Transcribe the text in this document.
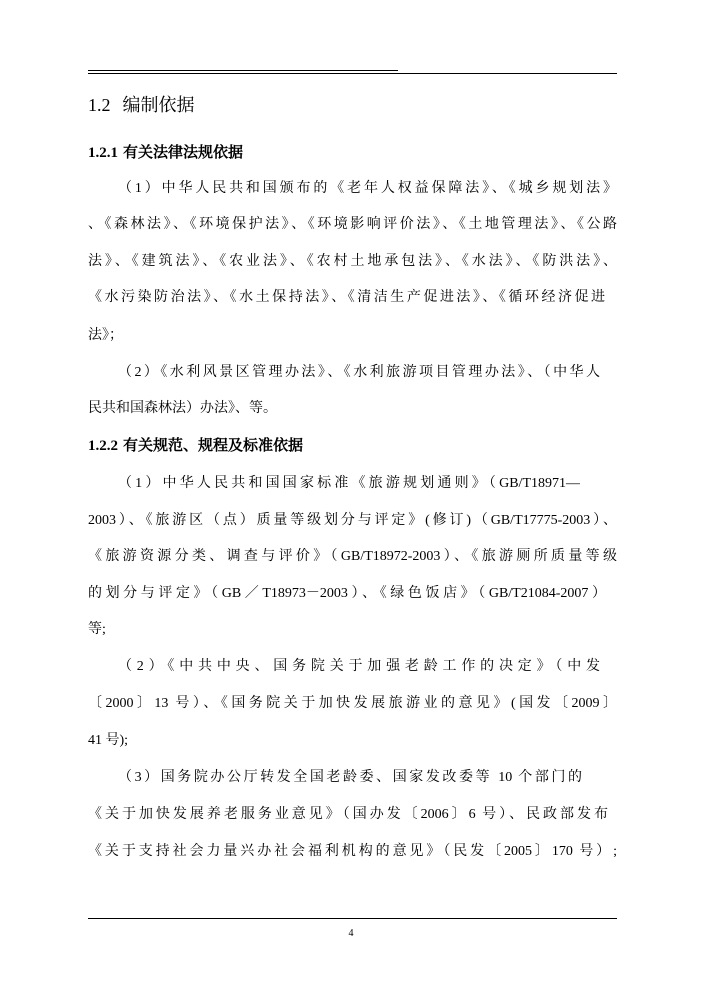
1.2 编制依据
1.2.1 有关法律法规依据
（1）中华人民共和国颁布的《老年人权益保障法》、《城乡规划法》
、《森林法》、《环境保护法》、《环境影响评价法》、《土地管理法》、《公路
法》、《建筑法》、《农业法》、《农村土地承包法》、《水法》、《防洪法》、
《水污染防治法》、《水土保持法》、《清洁生产促进法》、《循环经济促进
法》；
（2）《水利风景区管理办法》、《水利旅游项目管理办法》、（中华人
民共和国森林法）办法》、等。
1.2.2 有关规范、规程及标准依据
（1）中华人民共和国国家标准《旅游规划通则》（GB/T18971—
2003）、《旅游区（点）质量等级划分与评定》(修订)（GB/T17775-2003）、
《旅游资源分类、调查与评价》（GB/T18972-2003）、《旅游厕所质量等级
的划分与评定》（GB／T18973－2003）、《绿色饭店》（GB/T21084-2007）
等;
（2）《中共中央、国务院关于加强老龄工作的决定》（中发
〔2000〕13 号）、《国务院关于加快发展旅游业的意见》(国发〔2009〕
41 号);
（3）国务院办公厅转发全国老龄委、国家发改委等 10 个部门的
《关于加快发展养老服务业意见》（国办发〔2006〕6 号）、民政部发布
《关于支持社会力量兴办社会福利机构的意见》（民发〔2005〕170 号）;
4
